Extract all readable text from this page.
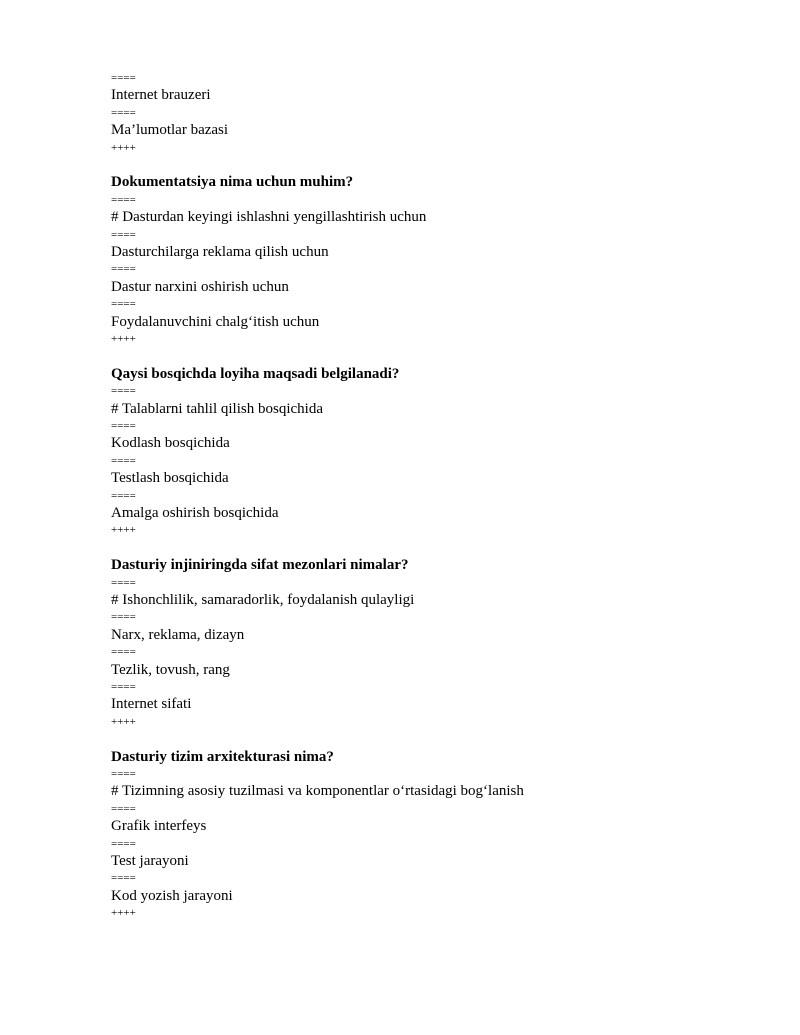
====
Internet brauzeri
====
Ma’lumotlar bazasi
++++
Dokumentatsiya nima uchun muhim?
====
# Dasturdan keyingi ishlashni yengillashtirish uchun
====
Dasturchilarga reklama qilish uchun
====
Dastur narxini oshirish uchun
====
Foydalanuvchini chalg‘itish uchun
++++
Qaysi bosqichda loyiha maqsadi belgilanadi?
====
# Talablarni tahlil qilish bosqichida
====
Kodlash bosqichida
====
Testlash bosqichida
====
Amalga oshirish bosqichida
++++
Dasturiy injiniringda sifat mezonlari nimalar?
====
# Ishonchlilik, samaradorlik, foydalanish qulayligi
====
Narx, reklama, dizayn
====
Tezlik, tovush, rang
====
Internet sifati
++++
Dasturiy tizim arxitekturasi nima?
====
# Tizimning asosiy tuzilmasi va komponentlar o‘rtasidagi bog‘lanish
====
Grafik interfeys
====
Test jarayoni
====
Kod yozish jarayoni
++++
